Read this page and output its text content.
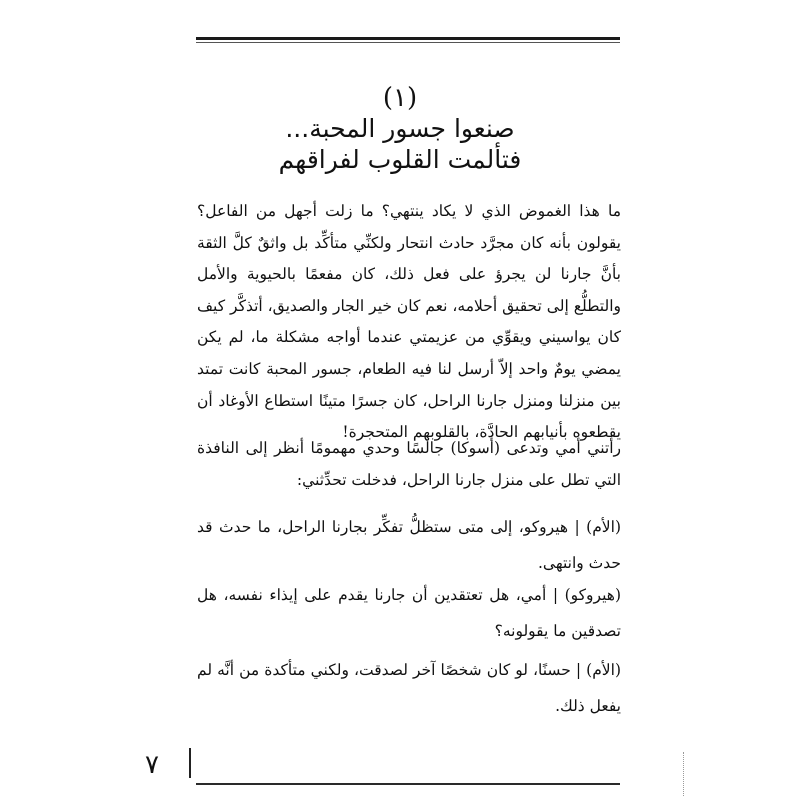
(١)
صنعوا جسور المحبة...
فتألمت القلوب لفراقهم

ما هذا الغموض الذي لا يكاد ينتهي؟ ما زلت أجهل من الفاعل؟ يقولون بأنه كان مجرَّد حادث انتحار ولكنِّي متأكِّد بل واثقٌ كلَّ الثقة بأنَّ جارنا لن يجرؤ على فعل ذلك، كان مفعمًا بالحيوية والأمل والتطلُّع إلى تحقيق أحلامه، نعم كان خير الجار والصديق، أتذكَّر كيف كان يواسيني ويقوِّي من عزيمتي عندما أواجه مشكلة ما، لم يكن يمضي يومٌ واحد إلاّ أرسل لنا فيه الطعام، جسور المحبة كانت تمتد بين منزلنا ومنزل جارنا الراحل، كان جسرًا متينًا استطاع الأوغاد أن يقطعوه بأنيابهم الحادَّة، بالقلوبهم المتحجرة!

رأتني أمي وتدعى (أسوكا) جالسًا وحدي مهمومًا أنظر إلى النافذة التي تطل على منزل جارنا الراحل، فدخلت تحدِّثني:

(الأم) | هيروكو، إلى متى ستظلُّ تفكِّر بجارنا الراحل، ما حدث قد حدث وانتهى.

(هيروكو) | أمي، هل تعتقدين أن جارنا يقدم على إيذاء نفسه، هل تصدقين ما يقولونه؟

(الأم) | حسنًا، لو كان شخصًا آخر لصدقت، ولكني متأكدة من أنَّه لم يفعل ذلك.

٧
